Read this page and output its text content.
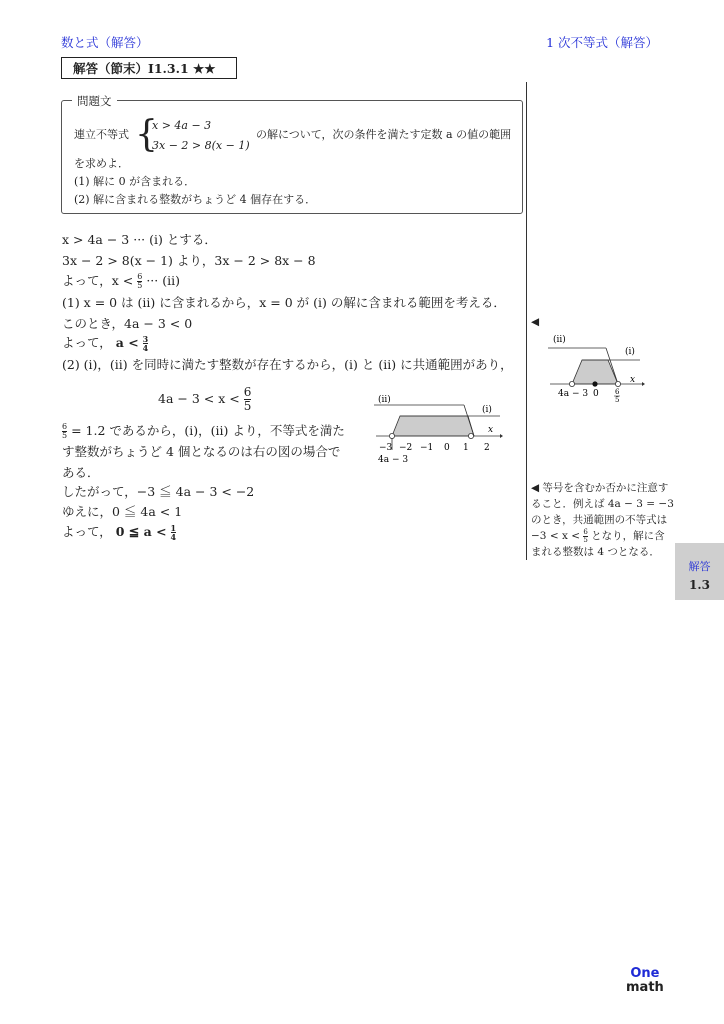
数と式（解答）	1 次不等式（解答）
解答（節末）I1.3.1 ★★
問題文
連立不等式 {
x > 4a − 3
3x − 2 > 8(x − 1)
の解について，次の条件を満たす定数 a の値の範囲
を求めよ．
(1) 解に 0 が含まれる．
(2) 解に含まれる整数がちょうど 4 個存在する．
x > 4a − 3 ··· (i) とする．
3x − 2 > 8(x − 1) より，3x − 2 > 8x − 8
よって，$x < \frac{6}{5}$ ··· (ii)
(1) x = 0 は (ii) に含まれるから，x = 0 が (i) の解に含まれる範囲を考える．
このとき，4a − 3 < 0
よって， $a < \frac{3}{4}$
(2) (i)，(ii) を同時に満たす整数が存在するから，(i) と (ii) に共通範囲があり，
$4a - 3 < x < \frac{6}{5}$
$\frac{6}{5} = 1.2$ であるから，(i)，(ii) より，不等式を満た
す整数がちょうど 4 個となるのは右の図の場合で
ある．
したがって，−3 ≦ 4a − 3 < −2
ゆえに，0 ≦ 4a < 1
よって， 0 ≦ $a < \frac{1}{4}$
(ii)
(i)
x
−3 −2 −1 0 1 2
4a − 3
◀
(ii)
(i)
x
4a − 3 0 6
5
◀ 等号を含むか否かに注意す
ること．例えば 4a − 3 = −3
のとき，共通範囲の不等式は
$-3 < x < \frac{6}{5}$ となり，解に含
まれる整数は 4 つとなる．
解答
1.3
One
math
